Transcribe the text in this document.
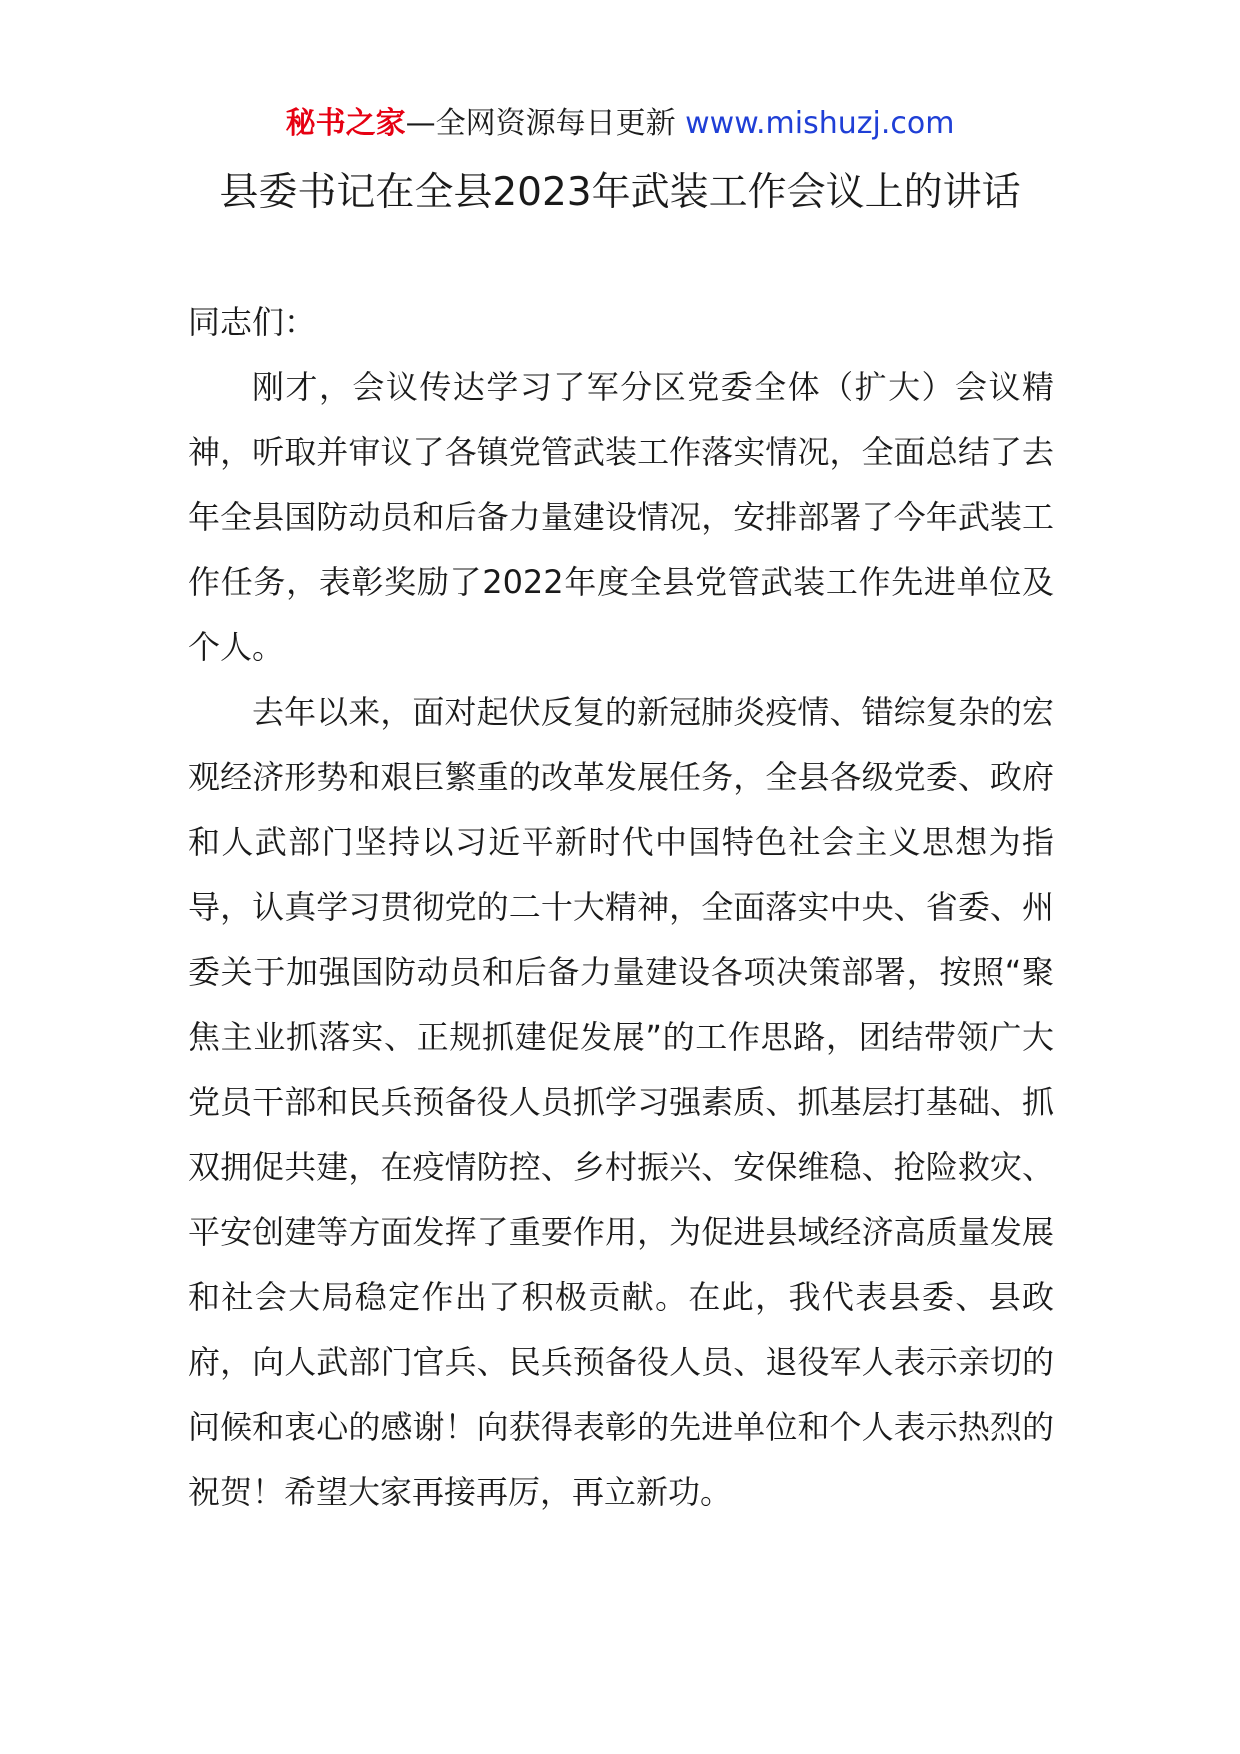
秘书之家—全网资源每日更新 www.mishuzj.com
县委书记在全县2023年武装工作会议上的讲话

同志们：

刚才，会议传达学习了军分区党委全体（扩大）会议精神，听取并审议了各镇党管武装工作落实情况，全面总结了去年全县国防动员和后备力量建设情况，安排部署了今年武装工作任务，表彰奖励了2022年度全县党管武装工作先进单位及个人。

去年以来，面对起伏反复的新冠肺炎疫情、错综复杂的宏观经济形势和艰巨繁重的改革发展任务，全县各级党委、政府和人武部门坚持以习近平新时代中国特色社会主义思想为指导，认真学习贯彻党的二十大精神，全面落实中央、省委、州委关于加强国防动员和后备力量建设各项决策部署，按照“聚焦主业抓落实、正规抓建促发展”的工作思路，团结带领广大党员干部和民兵预备役人员抓学习强素质、抓基层打基础、抓双拥促共建，在疫情防控、乡村振兴、安保维稳、抢险救灾、平安创建等方面发挥了重要作用，为促进县域经济高质量发展和社会大局稳定作出了积极贡献。在此，我代表县委、县政府，向人武部门官兵、民兵预备役人员、退役军人表示亲切的问候和衷心的感谢！向获得表彰的先进单位和个人表示热烈的祝贺！希望大家再接再厉，再立新功。
